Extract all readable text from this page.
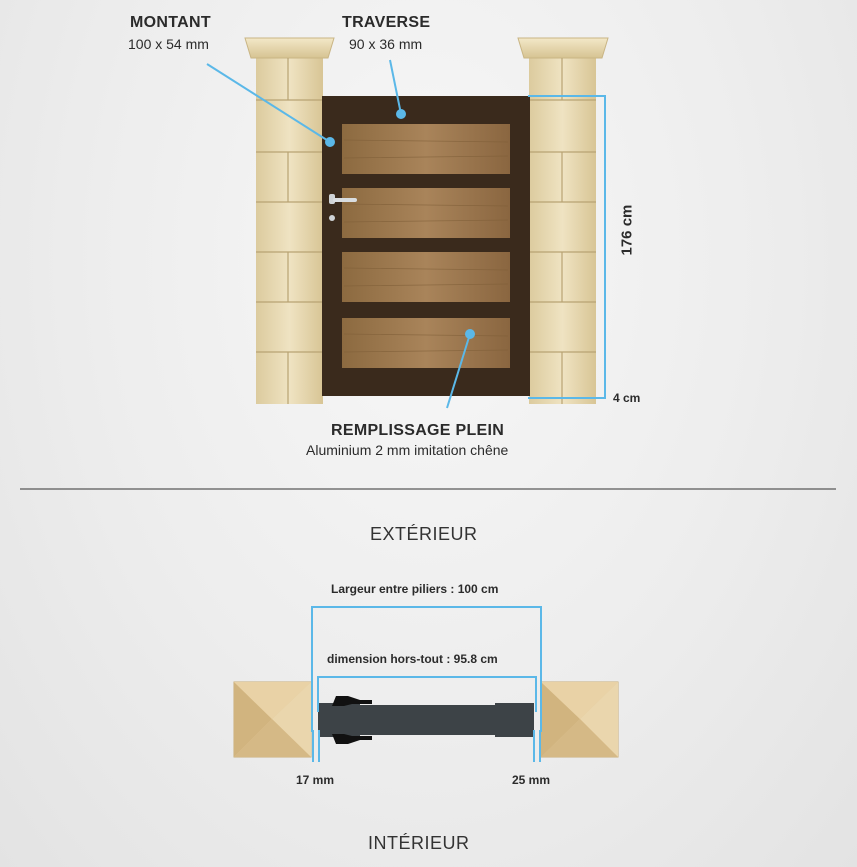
MONTANT
100 x 54 mm
TRAVERSE
90 x 36 mm
REMPLISSAGE PLEIN
Aluminium 2 mm imitation chêne
176 cm
4 cm
EXTÉRIEUR
Largeur entre piliers : 100 cm
dimension hors-tout : 95.8 cm
17 mm	25 mm
INTÉRIEUR
